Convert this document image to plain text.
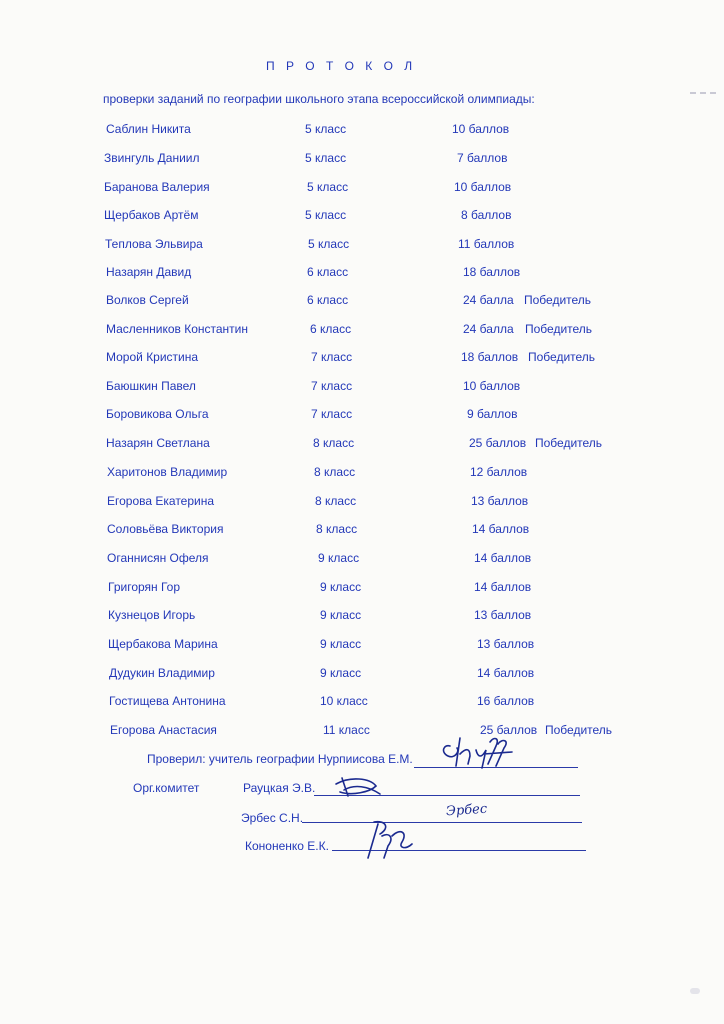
П Р О Т О К О Л
проверки заданий по географии школьного этапа всероссийской олимпиады:
Саблин Никита	5 класс	10 баллов
Звингуль Даниил	5 класс	7 баллов
Баранова Валерия	5 класс	10 баллов
Щербаков Артём	5 класс	8 баллов
Теплова Эльвира	5 класс	11 баллов
Назарян Давид	6 класс	18 баллов
Волков Сергей	6 класс	24 балла Победитель
Масленников Константин	6 класс	24 балла Победитель
Морой Кристина	7 класс	18 баллов Победитель
Баюшкин Павел	7 класс	10 баллов
Боровикова Ольга	7 класс	9 баллов
Назарян Светлана	8 класс	25 баллов Победитель
Харитонов Владимир	8 класс	12 баллов
Егорова Екатерина	8 класс	13 баллов
Соловьёва Виктория	8 класс	14 баллов
Оганнисян Офеля	9 класс	14 баллов
Григорян Гор	9 класс	14 баллов
Кузнецов Игорь	9 класс	13 баллов
Щербакова Марина	9 класс	13 баллов
Дудукин Владимир	9 класс	14 баллов
Гостищева Антонина	10 класс	16 баллов
Егорова Анастасия	11 класс	25 баллов Победитель
Проверил: учитель географии Нурпиисова Е.М.
Орг.комитет	Рауцкая Э.В.
Эрбес С.Н.	Эрбес
Кононенко Е.К.
